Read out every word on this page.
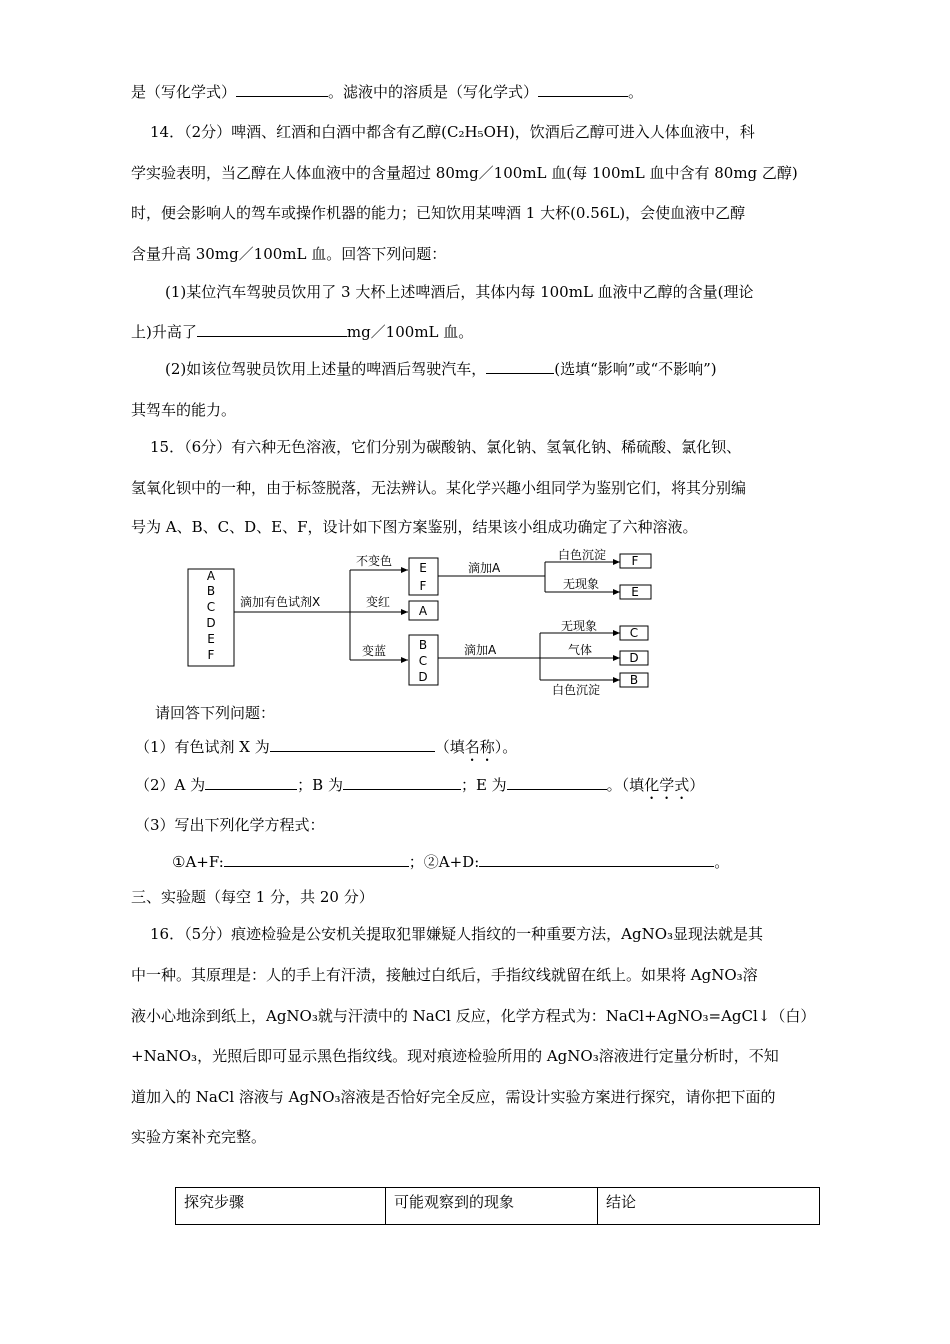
是（写化学式）	。滤液中的溶质是（写化学式）	。
14．（2分）啤酒、红酒和白酒中都含有乙醇(C₂H₅OH)，饮酒后乙醇可进入人体血液中，科
学实验表明，当乙醇在人体血液中的含量超过 80mg／100mL 血(每 100mL 血中含有 80mg 乙醇)
时，便会影响人的驾车或操作机器的能力；已知饮用某啤酒 1 大杯(0.56L)，会使血液中乙醇
含量升高 30mg／100mL 血。回答下列问题：
(1)某位汽车驾驶员饮用了 3 大杯上述啤酒后，其体内每 100mL 血液中乙醇的含量(理论
上)升高了	mg／100mL 血。
(2)如该位驾驶员饮用上述量的啤酒后驾驶汽车，	(选填“影响”或“不影响”)
其驾车的能力。
15．（6分）有六种无色溶液，它们分别为碳酸钠、氯化钠、氢氧化钠、稀硫酸、氯化钡、
氢氧化钡中的一种，由于标签脱落，无法辨认。某化学兴趣小组同学为鉴别它们，将其分别编
号为 A、B、C、D、E、F，设计如下图方案鉴别，结果该小组成功确定了六种溶液。
A
B
C
D
E
F
滴加有色试剂X
不变色
变红
变蓝
E
F
A
B
C
D
滴加A
滴加A
白色沉淀
无现象
无现象
气体
白色沉淀
F
E
C
D
B
请回答下列问题：
（1）有色试剂 X 为	（填名称）。
（2）A 为	；B 为	；E 为	。（填化学式）
（3）写出下列化学方程式：
①A+F:	；②A+D:	。
三、实验题（每空 1 分，共 20 分）
16．（5分）痕迹检验是公安机关提取犯罪嫌疑人指纹的一种重要方法，AgNO₃显现法就是其
中一种。其原理是：人的手上有汗渍，接触过白纸后，手指纹线就留在纸上。如果将 AgNO₃溶
液小心地涂到纸上，AgNO₃就与汗渍中的 NaCl 反应，化学方程式为：NaCl+AgNO₃=AgCl↓（白）
+NaNO₃，光照后即可显示黑色指纹线。现对痕迹检验所用的 AgNO₃溶液进行定量分析时，不知
道加入的 NaCl 溶液与 AgNO₃溶液是否恰好完全反应，需设计实验方案进行探究，请你把下面的
实验方案补充完整。
探究步骤	可能观察到的现象	结论
